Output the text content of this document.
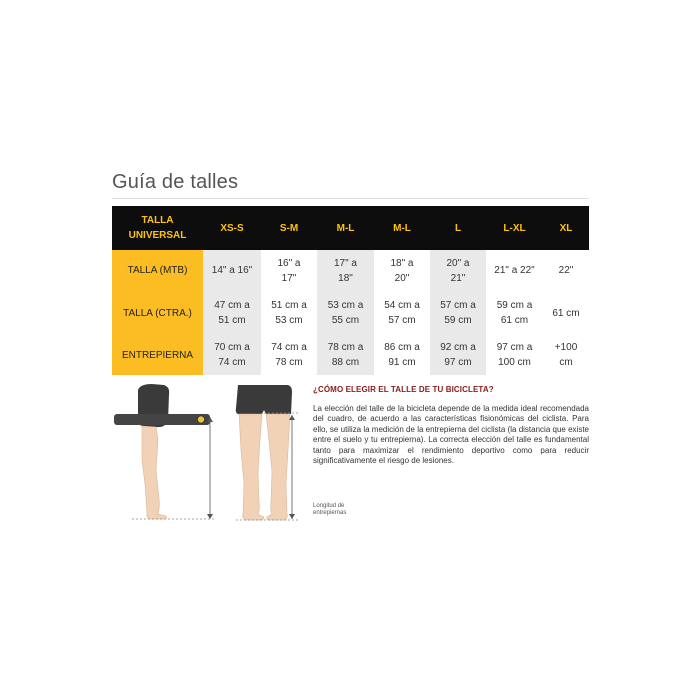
Guía de talles
TALLA UNIVERSAL	XS-S	S-M	M-L	M-L	L	L-XL	XL
TALLA (MTB)	14" a 16"	16" a 17"	17" a 18"	18" a 20"	20" a 21"	21" a 22"	22"
TALLA (CTRA.)	47 cm a 51 cm	51 cm a 53 cm	53 cm a 55 cm	54 cm a 57 cm	57 cm a 59 cm	59 cm a 61 cm	61 cm
ENTREPIERNA	70 cm a 74 cm	74 cm a 78 cm	78 cm a 88 cm	86 cm a 91 cm	92 cm a 97 cm	97 cm a 100 cm	+100 cm
¿CÓMO ELEGIR EL TALLE DE TU BICICLETA?
La elección del talle de la bicicleta depende de la medida ideal recomendada del cuadro, de acuerdo a las características fisionómicas del ciclista. Para ello, se utiliza la medición de la entrepierna del ciclista (la distancia que existe entre el suelo y tu entrepierna). La correcta elección del talle es fundamental tanto para maximizar el rendimiento deportivo como para reducir significativamente el riesgo de lesiones.
Longitud de entrepiernas
